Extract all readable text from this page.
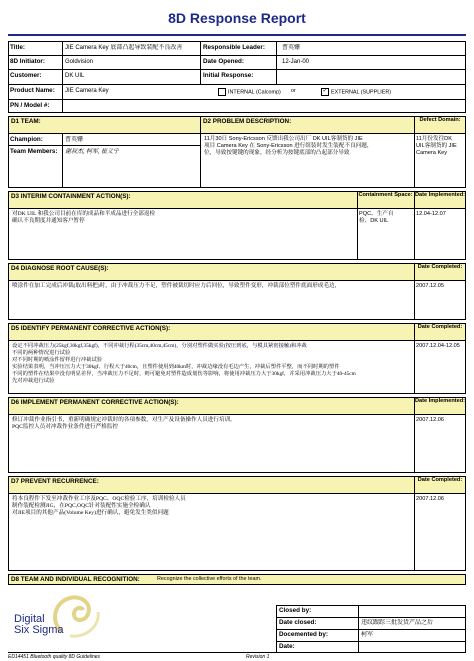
8D Response Report
Title:	JIE Camera Key 底部凸起导致装配不良改善	Responsible Leader:	曹英姗
8D Initiator:	Goldvision	Date Opened:	12-Jan-00
Customer:	DK UIL	Initial Response:
Product Name: JIE Camera Key	INTERNAL (Calcomp) or	✓ EXTERNAL (SUPPLIER)
PN / Model #:
D1 TEAM:	D2 PROBLEM DESCRIPTION:	Defect Domain:
Champion:	曹英姗
Team Members: 谢叔杰, 柯军, 崔义宁
11月30日 Sony-Ericsson 反馈出我公司出厂 DK UIL客制货的 JIE
项目 Camera Key 在 Sony-Ericsson 进行组装时发生装配不良问题，
位，导致按键键的现象，经分析为按键底部的凸起部分导致
11月份发往DK
UIL客制货的 JIE
Camera Key
D3 INTERIM CONTAINMENT ACTION(S):	Containment Space: Date Implemented:
对DK UIL 和我公司目前在库的成品和半成品进行全部返检
确认不良期度并通知客户暂停
PQC、生产自
检、DK UIL
12.04-12.07
D4 DIAGNOSE ROOT CAUSE(S):	Date Completed:
喷涂件在加工完成后冲裁(取出料把)时，由于冲裁压力不足，塑件被裁切时应力后回位，导致塑件变形，冲裁部位塑件底面形成毛边，	2007.12.05
D5 IDENTIFY PERMANENT CORRECTIVE ACTION(S):	Date Completed:
设定不同冲裁压力(25kgf,30kgf,35kgf)，不同冲裁行程(35cm,40cm,45cm)，分别对塑件做实验(按压到底，与模具紧密接触)和冲裁
不同的两种情况进行试验
对不同时期的喷涂件留样进行冲裁试验
实验结果表明，当冲压压力大于30kgf、行程大于40cm，且塑件使用到40km时，冲裁边缘没有毛边产生，冲裁后塑件平整，而不同时期的塑件
不同的塑件在结果中没有明显差异，当冲裁压力不足时，则可避免对塑件造成划伤等影响，将使用冲裁压力大于30kgf，并采用冲裁压力大于40-45cm
先对冲裁进行试验
2007.12.04-12.05
D6 IMPLEMENT PERMANENT CORRECTIVE ACTION(S):	Date Implemented:
修订冲裁作业指引书，重新明确规定冲裁时的各项参数，对生产及设备操作人员进行培训。
PQC监控人员对冲裁作业条件进行严格监控
2007.12.06
D7 PREVENT RECURRENCE:	Date Completed:
将本良程件下发至冲裁作业工序及PQC、OQC检验工序，培训检验人员
制作装配检测JIG，在PQC,OQC针对装配性实施全检确认
对JIE项目的其他产品(Volume Key)进行确认，避免发生类似问题
2007.12.06
D8 TEAM AND INDIVIDUAL RECOGNITION:	Recognize the collective efforts of the team.
Digital
Six Sigma
Closed by:
Date closed:	违纹跟踪三批发货产品之后
Docemented by:	柯军
Date:
ED14451 Bluetooth quality 8D Guidelines	Revision 1
